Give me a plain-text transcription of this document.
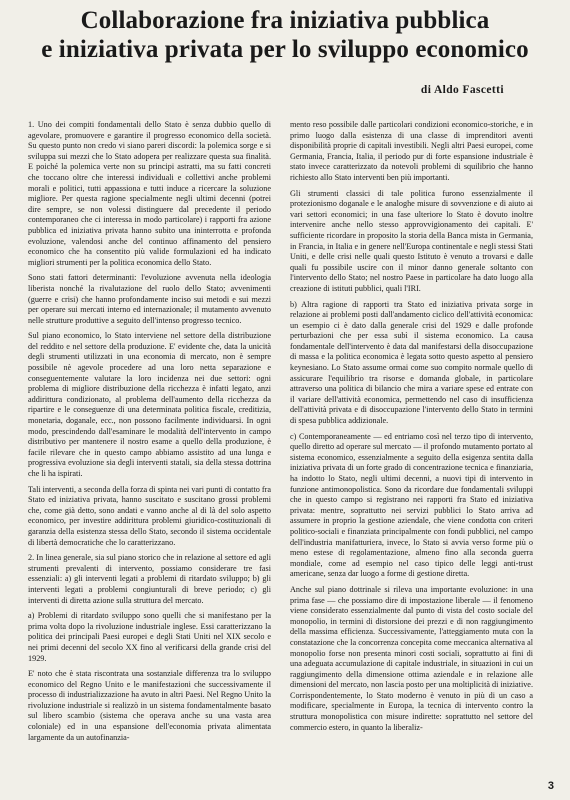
Collaborazione fra iniziativa pubblica
e iniziativa privata per lo sviluppo economico
di Aldo Fascetti

1. Uno dei compiti fondamentali dello Stato è senza dubbio quello di agevolare, promuovere e garantire il progresso economico della società. Su questo punto non credo vi siano pareri discordi: la polemica sorge e si sviluppa sui mezzi che lo Stato adopera per realizzare questa sua finalità. E poiché la polemica verte non su principi astratti, ma su fatti concreti che toccano oltre che interessi individuali e collettivi anche problemi morali e politici, tutti appassiona e tutti induce a ricercare la soluzione migliore. Per questa ragione specialmente negli ultimi decenni (potrei dire sempre, se non volessi distinguere dal precedente il periodo contemporaneo che ci interessa in modo particolare) i rapporti fra azione pubblica ed iniziativa privata hanno subito una ininterrotta e profonda evoluzione, valendosi anche del continuo affinamento del pensiero economico che ha consentito più valide formulazioni ed ha indicato migliori strumenti per la politica economica dello Stato.

Sono stati fattori determinanti: l'evoluzione avvenuta nella ideologia liberista nonché la rivalutazione del ruolo dello Stato; avvenimenti (guerre e crisi) che hanno profondamente inciso sui metodi e sui mezzi per operare sui mercati interno ed internazionale; il mutamento avvenuto nelle strutture produttive a seguito dell'intenso progresso tecnico.

Sul piano economico, lo Stato interviene nel settore della distribuzione del reddito e nel settore della produzione. E' evidente che, data la unicità degli strumenti utilizzati in una economia di mercato, non è sempre possibile nè agevole procedere ad una loro netta separazione e conseguentemente valutare la loro incidenza nei due settori: ogni problema di migliore distribuzione della ricchezza è infatti legato, anzi addirittura condizionato, al problema dell'aumento della ricchezza da ripartire e le conseguenze di una determinata politica fiscale, creditizia, monetaria, doganale, ecc., non possono facilmente individuarsi. In ogni modo, prescindendo dall'esaminare le modalità dell'intervento in campo distributivo per mantenere il nostro esame a quello della produzione, è facile rilevare che in questo campo abbiamo assistito ad una lunga e progressiva evoluzione sia degli interventi statali, sia della stessa dottrina che li ha ispirati.

Tali interventi, a seconda della forza di spinta nei vari punti di contatto fra Stato ed iniziativa privata, hanno suscitato e suscitano grossi problemi che, come già detto, sono andati e vanno anche al di là del solo aspetto economico, per investire addirittura problemi giuridico-costituzionali di garanzia della esistenza stessa dello Stato, secondo il sistema occidentale di libertà democratiche che lo caratterizzano.

2. In linea generale, sia sul piano storico che in relazione al settore ed agli strumenti prevalenti di intervento, possiamo considerare tre fasi essenziali: a) gli interventi legati a problemi di ritardato sviluppo; b) gli interventi legati a problemi congiunturali di breve periodo; c) gli interventi di diretta azione sulla struttura del mercato.

a) Problemi di ritardato sviluppo sono quelli che si manifestano per la prima volta dopo la rivoluzione industriale inglese. Essi caratterizzano la politica dei principali Paesi europei e degli Stati Uniti nel XIX secolo e nei primi decenni del secolo XX fino al verificarsi della grande crisi del 1929.

E' noto che è stata riscontrata una sostanziale differenza tra lo sviluppo economico del Regno Unito e le manifestazioni che successivamente il processo di industrializzazione ha avuto in altri Paesi. Nel Regno Unito la rivoluzione industriale si realizzò in un sistema fondamentalmente basato sul libero scambio (sistema che operava anche su una vasta area coloniale) ed in una espansione dell'economia privata alimentata largamente da un autofinanzia-

mento reso possibile dalle particolari condizioni economico-storiche, e in primo luogo dalla esistenza di una classe di imprenditori aventi disponibilità proprie di capitali investibili. Negli altri Paesi europei, come Germania, Francia, Italia, il periodo pur di forte espansione industriale è stato invece caratterizzato da notevoli problemi di squilibrio che hanno richiesto allo Stato interventi ben più importanti.

Gli strumenti classici di tale politica furono essenzialmente il protezionismo doganale e le analoghe misure di sovvenzione e di aiuto ai vari settori economici; in una fase ulteriore lo Stato è dovuto inoltre intervenire anche nello stesso approvvigionamento dei capitali. E' sufficiente ricordare in proposito la storia della Banca mista in Germania, in Francia, in Italia e in genere nell'Europa continentale e negli stessi Stati Uniti, e delle crisi nelle quali questo Istituto è venuto a trovarsi e dalle quali fu possibile uscire con il minor danno generale soltanto con l'intervento dello Stato; nel nostro Paese in particolare ha dato luogo alla creazione di istituti pubblici, quali l'IRI.

b) Altra ragione di rapporti tra Stato ed iniziativa privata sorge in relazione ai problemi posti dall'andamento ciclico dell'attività economica: un esempio ci è dato dalla generale crisi del 1929 e dalle profonde perturbazioni che per essa subì il sistema economico. La causa fondamentale dell'intervento è data dal manifestarsi della disoccupazione di massa e la politica economica è legata sotto questo aspetto al pensiero keynesiano. Lo Stato assume ormai come suo compito normale quello di assicurare l'equilibrio tra risorse e domanda globale, in particolare attraverso una politica di bilancio che mira a variare spese ed entrate con il variare dell'attività economica, permettendo nel caso di insufficienza dell'attività privata e di disoccupazione l'intervento dello Stato in termini di spesa pubblica addizionale.

c) Contemporaneamente — ed entriamo così nel terzo tipo di intervento, quello diretto ad operare sul mercato — il profondo mutamento portato al sistema economico, essenzialmente a seguito della esigenza sentita dalla iniziativa privata di un forte grado di concentrazione tecnica e finanziaria, ha indotto lo Stato, negli ultimi decenni, a nuovi tipi di intervento in funzione antimonopolistica. Sono da ricordare due fondamentali sviluppi che in questo campo si registrano nei rapporti fra Stato ed iniziativa privata: mentre, soprattutto nei servizi pubblici lo Stato arriva ad assumere in proprio la gestione aziendale, che viene condotta con criteri politico-sociali e finanziata principalmente con fondi pubblici, nel campo dell'industria manifatturiera, invece, lo Stato si avvia verso forme più o meno estese di regolamentazione, almeno fino alla seconda guerra mondiale, come ad esempio nel caso tipico delle leggi anti-trust americane, senza dar luogo a forme di gestione diretta.

Anche sul piano dottrinale si rileva una importante evoluzione: in una prima fase — che possiamo dire di impostazione liberale — il fenomeno viene considerato essenzialmente dal punto di vista del costo sociale del monopolio, in termini di distorsione dei prezzi e di non raggiungimento della massima efficienza. Successivamente, l'atteggiamento muta con la constatazione che la concorrenza concepita come meccanica alternativa al monopolio forse non presenta minori costi sociali, soprattutto ai fini di una adeguata accumulazione di capitale industriale, in situazioni in cui un raggiungimento della dimensione ottima aziendale e in relazione alle dimensioni del mercato, non lascia posto per una moltiplicità di iniziative. Corrispondentemente, lo Stato moderno è venuto in più di un caso a modificare, specialmente in Europa, la tecnica di intervento contro la struttura monopolistica con misure indirette: soprattutto nel settore del commercio estero, in quanto la liberaliz-

3
